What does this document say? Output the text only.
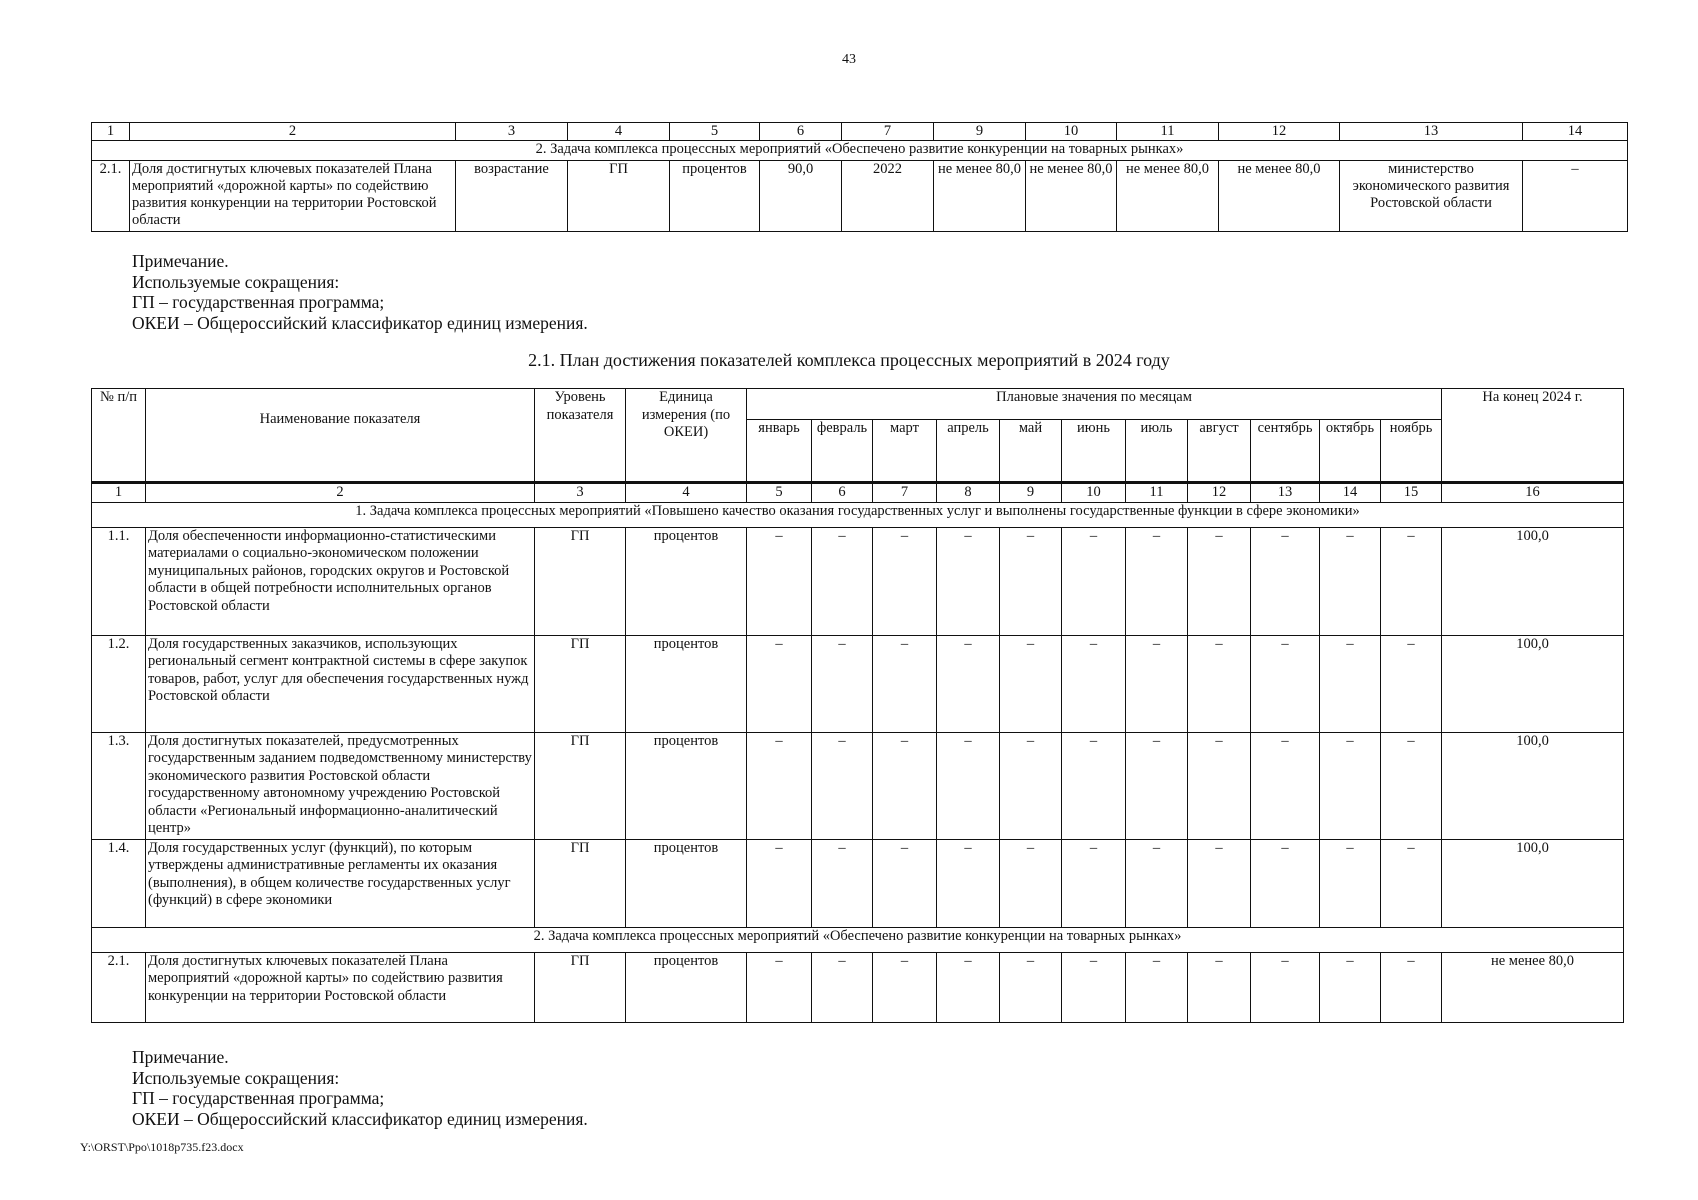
43
1	2	3	4	5	6	7	9	10	11	12	13	14
2. Задача комплекса процессных мероприятий «Обеспечено развитие конкуренции на товарных рынках»												
2.1.	Доля достигнутых ключевых показателей Плана мероприятий «дорожной карты» по содействию развития конкуренции на территории Ростовской области	возрастание	ГП	процентов	90,0	2022	не менее 80,0	не менее 80,0	не менее 80,0	не менее 80,0	министерство экономического развития Ростовской области	–
Примечание.
Используемые сокращения:
ГП – государственная программа;
ОКЕИ – Общероссийский классификатор единиц измерения.
2.1. План достижения показателей комплекса процессных мероприятий в 2024 году
№ п/п	Наименование показателя	Уровень показателя	Единица измерения (по ОКЕИ)	Плановые значения по месяцам											На конец 2024 г.
				январь	февраль	март	апрель	май	июнь	июль	август	сентябрь	октябрь	ноябрь	
1	2	3	4	5	6	7	8	9	10	11	12	13	14	15	16
1. Задача комплекса процессных мероприятий «Повышено качество оказания государственных услуг и выполнены государственные функции в сфере экономики»															
1.1.	Доля обеспеченности информационно-статистическими материалами о социально-экономическом положении муниципальных районов, городских округов и Ростовской области в общей потребности исполнительных органов Ростовской области	ГП	процентов	–	–	–	–	–	–	–	–	–	–	–	100,0
1.2.	Доля государственных заказчиков, использующих региональный сегмент контрактной системы в сфере закупок товаров, работ, услуг для обеспечения государственных нужд Ростовской области	ГП	процентов	–	–	–	–	–	–	–	–	–	–	–	100,0
1.3.	Доля достигнутых показателей, предусмотренных государственным заданием подведомственному министерству экономического развития Ростовской области государственному автономному учреждению Ростовской области «Региональный информационно-аналитический центр»	ГП	процентов	–	–	–	–	–	–	–	–	–	–	–	100,0
1.4.	Доля государственных услуг (функций), по которым утверждены административные регламенты их оказания (выполнения), в общем количестве государственных услуг (функций) в сфере экономики	ГП	процентов	–	–	–	–	–	–	–	–	–	–	–	100,0
2. Задача комплекса процессных мероприятий «Обеспечено развитие конкуренции на товарных рынках»															
2.1.	Доля достигнутых ключевых показателей Плана мероприятий «дорожной карты» по содействию развития конкуренции на территории Ростовской области	ГП	процентов	–	–	–	–	–	–	–	–	–	–	–	не менее 80,0
Примечание.
Используемые сокращения:
ГП – государственная программа;
ОКЕИ – Общероссийский классификатор единиц измерения.
Y:\ORST\Ppo\1018p735.f23.docx
